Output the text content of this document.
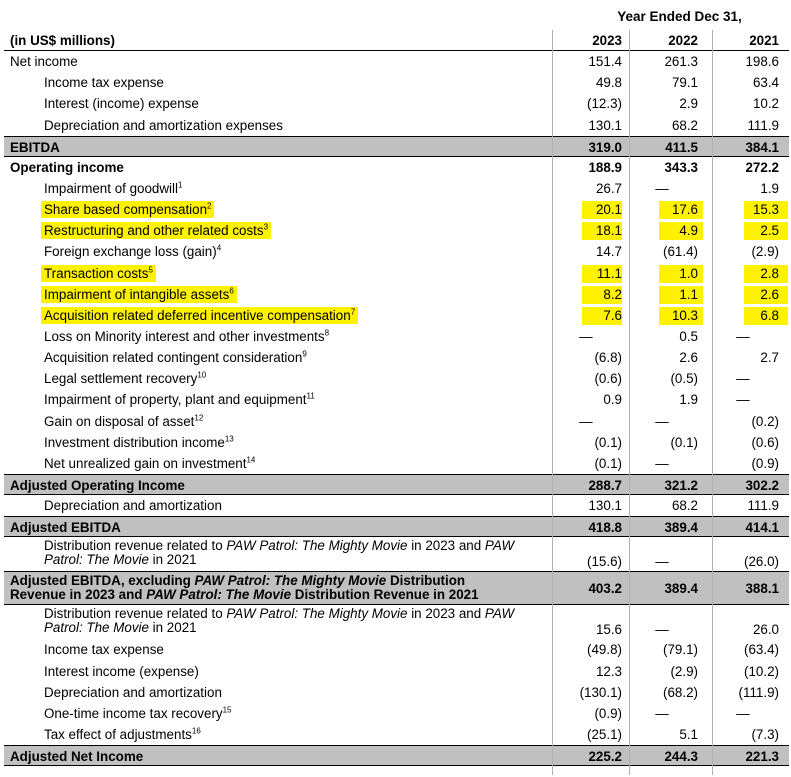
Year Ended Dec 31,
(in US$ millions)	2023	2022	2021
Net income	151.4	261.3	198.6
Income tax expense	49.8	79.1	63.4
Interest (income) expense	(12.3)	2.9	10.2
Depreciation and amortization expenses	130.1	68.2	111.9
EBITDA	319.0	411.5	384.1
Operating income	188.9	343.3	272.2
Impairment of goodwill$^1$	26.7	—	1.9
Share based compensation$^2$	20.1	17.6	15.3
Restructuring and other related costs$^3$	18.1	4.9	2.5
Foreign exchange loss (gain)$^4$	14.7	(61.4)	(2.9)
Transaction costs$^5$	11.1	1.0	2.8
Impairment of intangible assets$^6$	8.2	1.1	2.6
Acquisition related deferred incentive compensation$^7$	7.6	10.3	6.8
Loss on Minority interest and other investments$^8$	—	0.5	—
Acquisition related contingent consideration$^9$	(6.8)	2.6	2.7
Legal settlement recovery$^{10}$	(0.6)	(0.5)	—
Impairment of property, plant and equipment$^{11}$	0.9	1.9	—
Gain on disposal of asset$^{12}$	—	—	(0.2)
Investment distribution income$^{13}$	(0.1)	(0.1)	(0.6)
Net unrealized gain on investment$^{14}$	(0.1)	—	(0.9)
Adjusted Operating Income	288.7	321.2	302.2
Depreciation and amortization	130.1	68.2	111.9
Adjusted EBITDA	418.8	389.4	414.1
Distribution revenue related to PAW Patrol: The Mighty Movie in 2023 and PAW Patrol: The Movie in 2021	(15.6)	—	(26.0)
Adjusted EBITDA, excluding PAW Patrol: The Mighty Movie Distribution Revenue in 2023 and PAW Patrol: The Movie Distribution Revenue in 2021	403.2	389.4	388.1
Distribution revenue related to PAW Patrol: The Mighty Movie in 2023 and PAW Patrol: The Movie in 2021	15.6	—	26.0
Income tax expense	(49.8)	(79.1)	(63.4)
Interest income (expense)	12.3	(2.9)	(10.2)
Depreciation and amortization	(130.1)	(68.2)	(111.9)
One-time income tax recovery$^{15}$	(0.9)	—	—
Tax effect of adjustments$^{16}$	(25.1)	5.1	(7.3)
Adjusted Net Income	225.2	244.3	221.3
